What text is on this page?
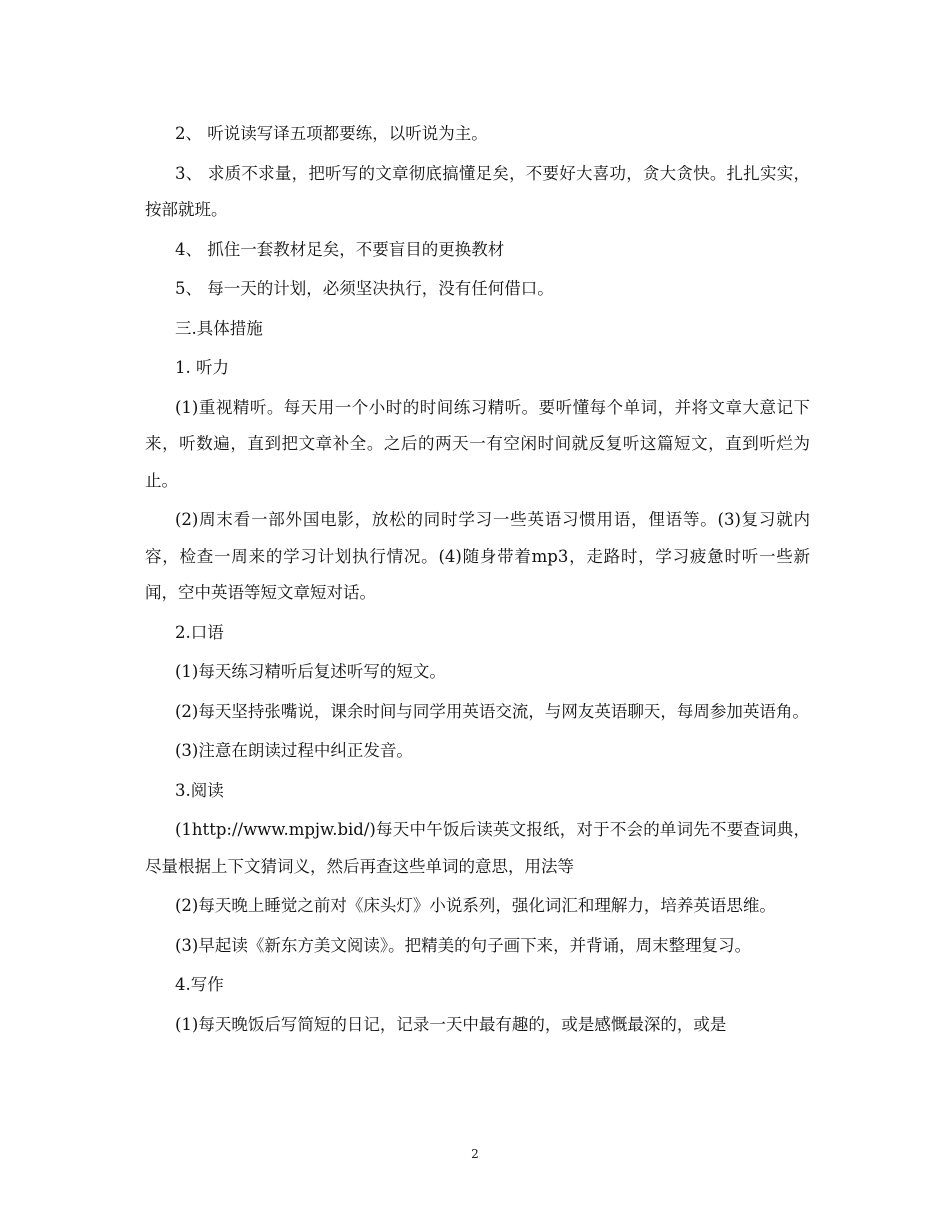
2、 听说读写译五项都要练，以听说为主。

3、 求质不求量，把听写的文章彻底搞懂足矣，不要好大喜功，贪大贪快。扎扎实实，按部就班。

4、 抓住一套教材足矣，不要盲目的更换教材

5、 每一天的计划，必须坚决执行，没有任何借口。

三.具体措施

1. 听力

(1)重视精听。每天用一个小时的时间练习精听。要听懂每个单词，并将文章大意记下来，听数遍，直到把文章补全。之后的两天一有空闲时间就反复听这篇短文，直到听烂为止。

(2)周末看一部外国电影，放松的同时学习一些英语习惯用语，俚语等。(3)复习就内容，检查一周来的学习计划执行情况。(4)随身带着mp3，走路时，学习疲惫时听一些新闻，空中英语等短文章短对话。

2.口语

(1)每天练习精听后复述听写的短文。

(2)每天坚持张嘴说，课余时间与同学用英语交流，与网友英语聊天，每周参加英语角。

(3)注意在朗读过程中纠正发音。

3.阅读

(1http://www.mpjw.bid/)每天中午饭后读英文报纸，对于不会的单词先不要查词典，尽量根据上下文猜词义，然后再查这些单词的意思，用法等

(2)每天晚上睡觉之前对《床头灯》小说系列，强化词汇和理解力，培养英语思维。

(3)早起读《新东方美文阅读》。把精美的句子画下来，并背诵，周末整理复习。

4.写作

(1)每天晚饭后写简短的日记，记录一天中最有趣的，或是感慨最深的，或是

2
